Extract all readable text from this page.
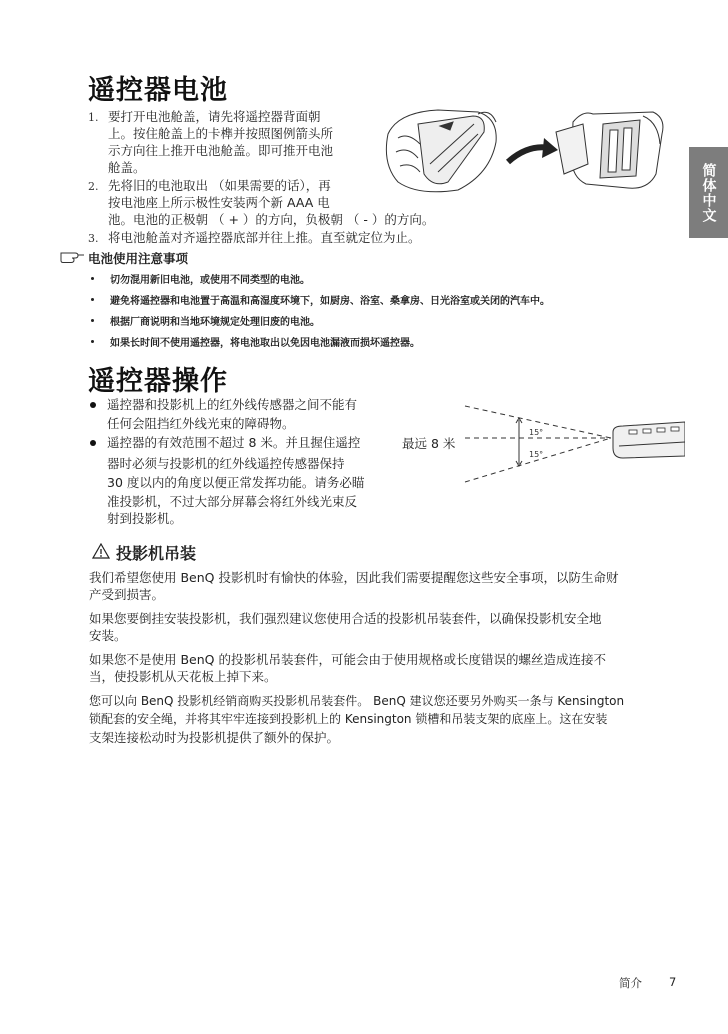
遥控器电池
1. 要打开电池舱盖，请先将遥控器背面朝
上。按住舱盖上的卡榫并按照图例箭头所
示方向往上推开电池舱盖。即可推开电池
舱盖。
2. 先将旧的电池取出 （如果需要的话），再
按电池座上所示极性安装两个新 AAA 电
池。电池的正极朝 （ + ）的方向，负极朝 （ - ）的方向。
3. 将电池舱盖对齐遥控器底部并往上推。直至就定位为止。
简体中文
电池使用注意事项
切勿混用新旧电池，或使用不同类型的电池。
避免将遥控器和电池置于高温和高湿度环境下，如厨房、浴室、桑拿房、日光浴室或关闭的汽车中。
根据厂商说明和当地环境规定处理旧废的电池。
如果长时间不使用遥控器，将电池取出以免因电池漏液而损坏遥控器。
遥控器操作
遥控器和投影机上的红外线传感器之间不能有
任何会阻挡红外线光束的障碍物。
遥控器的有效范围不超过 8 米。并且握住遥控
器时必须与投影机的红外线遥控传感器保持
30 度以内的角度以便正常发挥功能。请务必瞄
准投影机，不过大部分屏幕会将红外线光束反
射到投影机。
最远 8 米
15°
15°
投影机吊装
我们希望您使用 BenQ 投影机时有愉快的体验，因此我们需要提醒您这些安全事项，以防生命财
产受到损害。
如果您要倒挂安装投影机，我们强烈建议您使用合适的投影机吊装套件，以确保投影机安全地
安装。
如果您不是使用 BenQ 的投影机吊装套件，可能会由于使用规格或长度错误的螺丝造成连接不
当，使投影机从天花板上掉下来。
您可以向 BenQ 投影机经销商购买投影机吊装套件。 BenQ 建议您还要另外购买一条与 Kensington
锁配套的安全绳，并将其牢牢连接到投影机上的 Kensington 锁槽和吊装支架的底座上。这在安装
支架连接松动时为投影机提供了额外的保护。
简介 7
